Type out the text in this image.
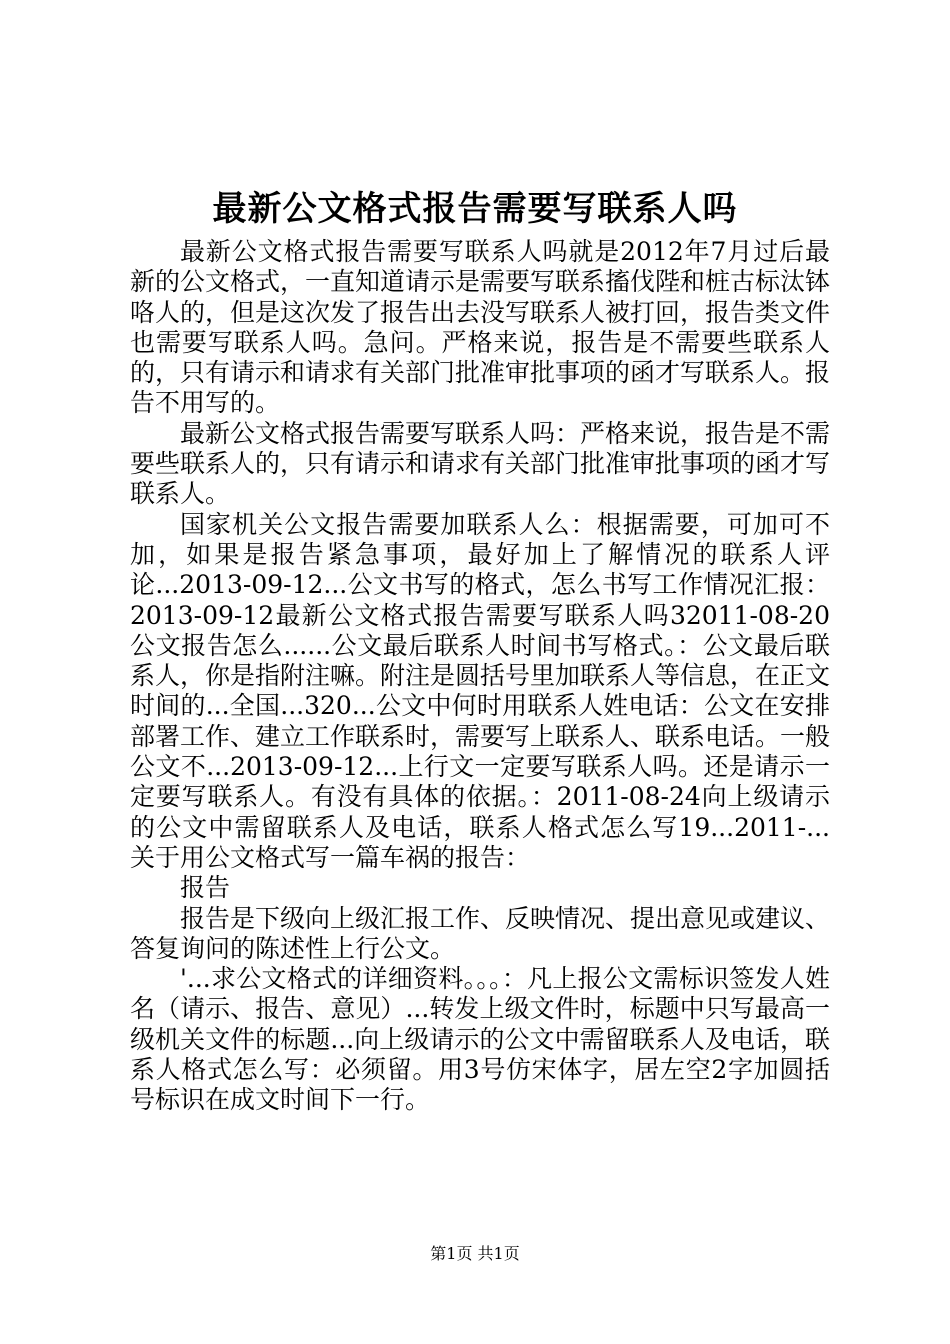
最新公文格式报告需要写联系人吗

最新公文格式报告需要写联系人吗就是2012年7月过后最新的公文格式，一直知道请示是需要写联系搐伐陛和桩古标汰钵咯人的，但是这次发了报告出去没写联系人被打回，报告类文件也需要写联系人吗。急问。严格来说，报告是不需要些联系人的，只有请示和请求有关部门批准审批事项的函才写联系人。报告不用写的。

最新公文格式报告需要写联系人吗：严格来说，报告是不需要些联系人的，只有请示和请求有关部门批准审批事项的函才写联系人。

国家机关公文报告需要加联系人么：根据需要，可加可不加，如果是报告紧急事项，最好加上了解情况的联系人评论...2013-09-12...公文书写的格式，怎么书写工作情况汇报：2013-09-12最新公文格式报告需要写联系人吗32011-08-20公文报告怎么......公文最后联系人时间书写格式。：公文最后联系人，你是指附注嘛。附注是圆括号里加联系人等信息，在正文时间的...全国...320...公文中何时用联系人姓电话：公文在安排部署工作、建立工作联系时，需要写上联系人、联系电话。一般公文不...2013-09-12...上行文一定要写联系人吗。还是请示一定要写联系人。有没有具体的依据。：2011-08-24向上级请示的公文中需留联系人及电话，联系人格式怎么写19...2011-...关于用公文格式写一篇车祸的报告：

报告

报告是下级向上级汇报工作、反映情况、提出意见或建议、答复询问的陈述性上行公文。

'...求公文格式的详细资料。。。：凡上报公文需标识签发人姓名（请示、报告、意见）...转发上级文件时，标题中只写最高一级机关文件的标题...向上级请示的公文中需留联系人及电话，联系人格式怎么写：必须留。用3号仿宋体字，居左空2字加圆括号标识在成文时间下一行。

第1页 共1页
